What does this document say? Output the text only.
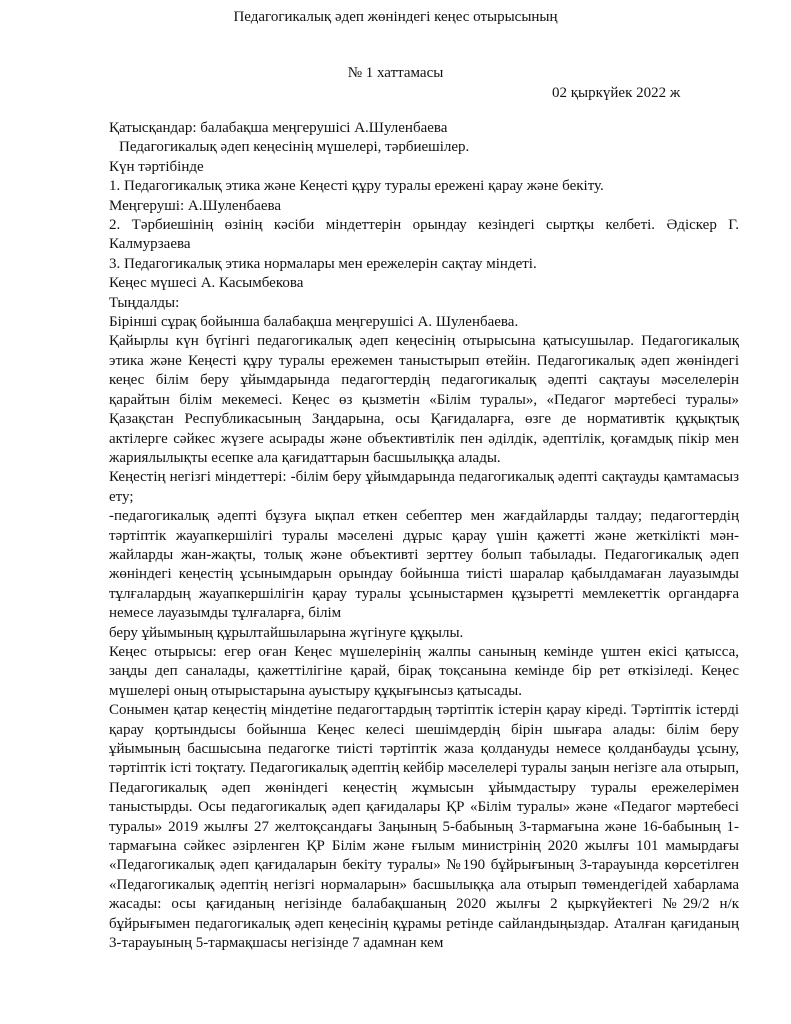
Педагогикалық әдеп жөніндегі кеңес отырысының
№ 1 хаттамасы
02 қыркүйек 2022 ж

Қатысқандар: балабақша меңгерушісі А.Шуленбаева

Педагогикалық әдеп кеңесінің мүшелері, тәрбиешілер.

Күн тәртібінде

1. Педагогикалық этика және Кеңесті құру туралы ережені қарау және бекіту.

Меңгеруші: А.Шуленбаева

2. Тәрбиешінің өзінің кәсіби міндеттерін орындау кезіндегі сыртқы келбеті. Әдіскер Г. Калмурзаева

3. Педагогикалық этика нормалары мен ережелерін сақтау міндеті.

Кеңес мүшесі А. Касымбекова

Тыңдалды:

Бірінші сұрақ бойынша балабақша меңгерушісі А. Шуленбаева.

Қайырлы күн бүгінгі педагогикалық әдеп кеңесінің отырысына қатысушылар. Педагогикалық этика және Кеңесті құру туралы ережемен таныстырып өтейін. Педагогикалық әдеп жөніндегі кеңес білім беру ұйымдарында педагогтердің педагогикалық әдепті сақтауы мәселелерін қарайтын білім мекемесі. Кеңес өз қызметін «Білім туралы», «Педагог мәртебесі туралы» Қазақстан Республикасының Заңдарына, осы Қағидаларға, өзге де нормативтік құқықтық актілерге сәйкес жүзеге асырады және объективтілік пен әділдік, әдептілік, қоғамдық пікір мен жариялылықты есепке ала қағидаттарын басшылыққа алады.

Кеңестің негізгі міндеттері: -білім беру ұйымдарында педагогикалық әдепті сақтауды қамтамасыз ету;

-педагогикалық әдепті бұзуға ықпал еткен себептер мен жағдайларды талдау; педагогтердің тәртіптік жауапкершілігі туралы мәселені дұрыс қарау үшін қажетті және жеткілікті мән-жайларды жан-жақты, толық және объективті зерттеу болып табылады. Педагогикалық әдеп жөніндегі кеңестің ұсынымдарын орындау бойынша тиісті шаралар қабылдамаған лауазымды тұлғалардың жауапкершілігін қарау туралы ұсыныстармен құзыретті мемлекеттік органдарға немесе лауазымды тұлғаларға, білім

беру ұйымының құрылтайшыларына жүгінуге құқылы.

Кеңес отырысы: егер оған Кеңес мүшелерінің жалпы санының кемінде үштен екісі қатысса, заңды деп саналады, қажеттілігіне қарай, бірақ тоқсанына кемінде бір рет өткізіледі. Кеңес мүшелері оның отырыстарына ауыстыру құқығынсыз қатысады.

Сонымен қатар кеңестің міндетіне педагогтардың тәртіптік істерін қарау кіреді. Тәртіптік істерді қарау қортындысы бойынша Кеңес келесі шешімдердің бірін шығара алады: білім беру ұйымының басшысына педагогке тиісті тәртіптік жаза қолдануды немесе қолданбауды ұсыну, тәртіптік істі тоқтату. Педагогикалық әдептің кейбір мәселелері туралы заңын негізге ала отырып, Педагогикалық әдеп жөніндегі кеңестің жұмысын ұйымдастыру туралы ережелерімен таныстырды. Осы педагогикалық әдеп қағидалары ҚР «Білім туралы» және «Педагог мәртебесі туралы» 2019 жылғы 27 желтоқсандағы Заңының 5-бабының 3-тармағына және 16-бабының 1-тармағына сәйкес әзірленген ҚР Білім және ғылым министрінің 2020 жылғы 101 мамырдағы «Педагогикалық әдеп қағидаларын бекіту туралы» №190 бұйрығының 3-тарауында көрсетілген «Педагогикалық әдептің негізгі нормаларын» басшылыққа ала отырып төмендегідей хабарлама жасады: осы қағиданың негізінде балабақшаның 2020 жылғы 2 қыркүйектегі №29/2 н/к бұйрығымен педагогикалық әдеп кеңесінің құрамы ретінде сайландыңыздар. Аталған қағиданың 3-тарауының 5-тармақшасы негізінде 7 адамнан кем
